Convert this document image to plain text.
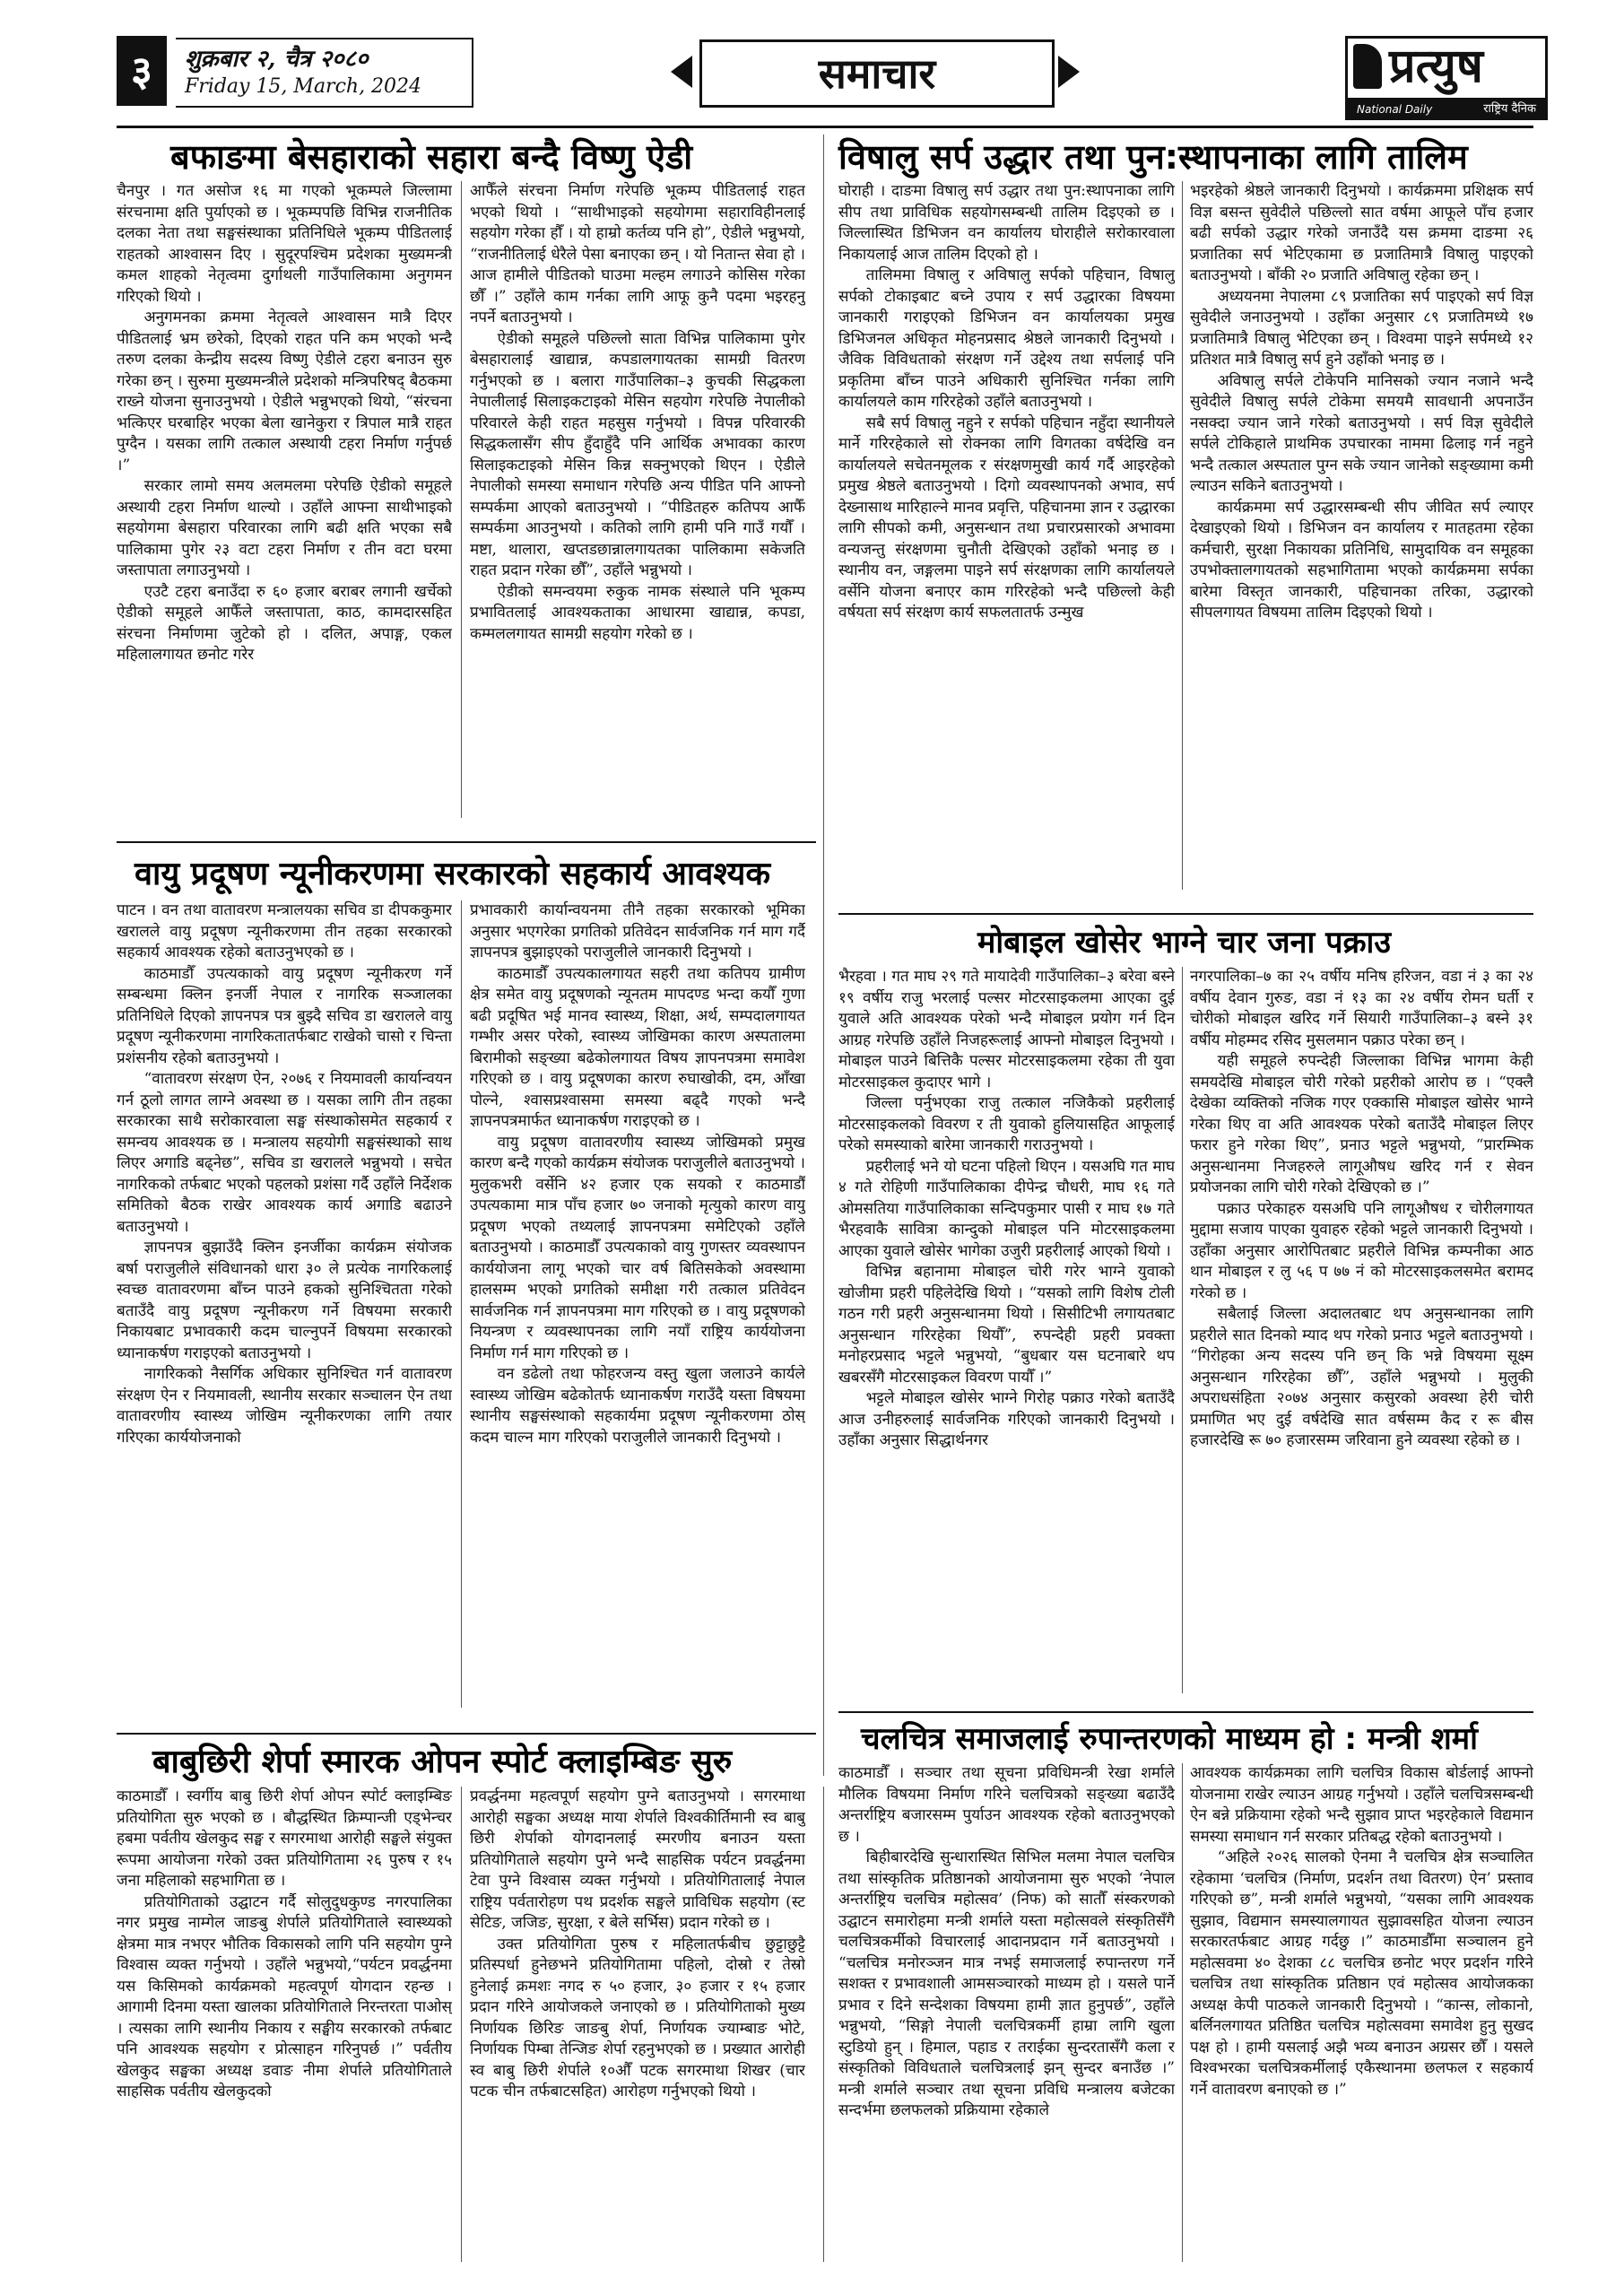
३	शुक्रबार २, चैत्र २०८०
Friday 15, March, 2024	समाचार	प्रत्युष
National Daily	राष्ट्रिय दैनिक
बफाङमा बेसहाराको सहारा बन्दै विष्णु ऐडी

चैनपुर । गत असोज १६ मा गएको भूकम्पले जिल्लामा संरचनामा क्षति पुर्याएको छ । भूकम्पपछि विभिन्न राजनीतिक दलका नेता तथा सङ्घसंस्थाका प्रतिनिधिले भूकम्प पीडितलाई राहतको आश्वासन दिए । सुदूरपश्चिम प्रदेशका मुख्यमन्त्री कमल शाहको नेतृत्वमा दुर्गाथली गाउँपालिकामा अनुगमन गरिएको थियो ।

अनुगमनका क्रममा नेतृत्वले आश्वासन मात्रै दिएर पीडितलाई भ्रम छरेको, दिएको राहत पनि कम भएको भन्दै तरुण दलका केन्द्रीय सदस्य विष्णु ऐडीले टहरा बनाउन सुरु गरेका छन् । सुरुमा मुख्यमन्त्रीले प्रदेशको मन्त्रिपरिषद् बैठकमा राख्ने योजना सुनाउनुभयो । ऐडीले भन्नुभएको थियो, “संरचना भत्किएर घरबाहिर भएका बेला खानेकुरा र त्रिपाल मात्रै राहत पुग्दैन । यसका लागि तत्काल अस्थायी टहरा निर्माण गर्नुपर्छ ।”

सरकार लामो समय अलमलमा परेपछि ऐडीको समूहले अस्थायी टहरा निर्माण थाल्यो । उहाँले आफ्ना साथीभाइको सहयोगमा बेसहारा परिवारका लागि बढी क्षति भएका सबै पालिकामा पुगेर २३ वटा टहरा निर्माण र तीन वटा घरमा जस्तापाता लगाउनुभयो ।

एउटै टहरा बनाउँदा रु ६० हजार बराबर लगानी खर्चेको ऐडीको समूहले आफैँले जस्तापाता, काठ, कामदारसहित संरचना निर्माणमा जुटेको हो । दलित, अपाङ्ग, एकल महिलालगायत छनोट गरेर

आफैँले संरचना निर्माण गरेपछि भूकम्प पीडितलाई राहत भएको थियो । “साथीभाइको सहयोगमा सहाराविहीनलाई सहयोग गरेका हौँ । यो हाम्रो कर्तव्य पनि हो”, ऐडीले भन्नुभयो, “राजनीतिलाई धेरैले पेसा बनाएका छन् । यो नितान्त सेवा हो । आज हामीले पीडितको घाउमा मल्हम लगाउने कोसिस गरेका छौँ ।” उहाँले काम गर्नका लागि आफू कुनै पदमा भइरहनु नपर्ने बताउनुभयो ।

ऐडीको समूहले पछिल्लो साता विभिन्न पालिकामा पुगेर बेसहारालाई खाद्यान्न, कपडालगायतका सामग्री वितरण गर्नुभएको छ । बलारा गाउँपालिका–३ कुचकी सिद्धकला नेपालीलाई सिलाइकटाइको मेसिन सहयोग गरेपछि नेपालीको परिवारले केही राहत महसुस गर्नुभयो । विपन्न परिवारकी सिद्धकलासँग सीप हुँदाहुँदै पनि आर्थिक अभावका कारण सिलाइकटाइको मेसिन किन्न सक्नुभएको थिएन । ऐडीले नेपालीको समस्या समाधान गरेपछि अन्य पीडित पनि आफ्नो सम्पर्कमा आएको बताउनुभयो । “पीडितहरु कतिपय आफैँ सम्पर्कमा आउनुभयो । कतिको लागि हामी पनि गाउँ गयौँ । मष्टा, थालारा, खप्तडछान्नालगायतका पालिकामा सकेजति राहत प्रदान गरेका छौँ”, उहाँले भन्नुभयो ।

ऐडीको समन्वयमा रुकुक नामक संस्थाले पनि भूकम्प प्रभावितलाई आवश्यकताका आधारमा खाद्यान्न, कपडा, कम्मललगायत सामग्री सहयोग गरेको छ ।

विषालु सर्प उद्धार तथा पुन:स्थापनाका लागि तालिम

घोराही । दाङमा विषालु सर्प उद्धार तथा पुन:स्थापनाका लागि सीप तथा प्राविधिक सहयोगसम्बन्धी तालिम दिइएको छ । जिल्लास्थित डिभिजन वन कार्यालय घोराहीले सरोकारवाला निकायलाई आज तालिम दिएको हो ।

तालिममा विषालु र अविषालु सर्पको पहिचान, विषालु सर्पको टोकाइबाट बच्ने उपाय र सर्प उद्धारका विषयमा जानकारी गराइएको डिभिजन वन कार्यालयका प्रमुख डिभिजनल अधिकृत मोहनप्रसाद श्रेष्ठले जानकारी दिनुभयो । जैविक विविधताको संरक्षण गर्ने उद्देश्य तथा सर्पलाई पनि प्रकृतिमा बाँच्न पाउने अधिकारी सुनिश्चित गर्नका लागि कार्यालयले काम गरिरहेको उहाँले बताउनुभयो ।

सबै सर्प विषालु नहुने र सर्पको पहिचान नहुँदा स्थानीयले मार्ने गरिरहेकाले सो रोक्नका लागि विगतका वर्षदेखि वन कार्यालयले सचेतनमूलक र संरक्षणमुखी कार्य गर्दै आइरहेको प्रमुख श्रेष्ठले बताउनुभयो । दिगो व्यवस्थापनको अभाव, सर्प देख्नासाथ मारिहाल्ने मानव प्रवृत्ति, पहिचानमा ज्ञान र उद्धारका लागि सीपको कमी, अनुसन्धान तथा प्रचारप्रसारको अभावमा वन्यजन्तु संरक्षणमा चुनौती देखिएको उहाँको भनाइ छ । स्थानीय वन, जङ्गलमा पाइने सर्प संरक्षणका लागि कार्यालयले वर्सेनि योजना बनाएर काम गरिरहेको भन्दै पछिल्लो केही वर्षयता सर्प संरक्षण कार्य सफलतातर्फ उन्मुख

भइरहेको श्रेष्ठले जानकारी दिनुभयो । कार्यक्रममा प्रशिक्षक सर्प विज्ञ बसन्त सुवेदीले पछिल्लो सात वर्षमा आफूले पाँच हजार बढी सर्पको उद्धार गरेको जनाउँदै यस क्रममा दाङमा २६ प्रजातिका सर्प भेटिएकामा छ प्रजातिमात्रै विषालु पाइएको बताउनुभयो । बाँकी २० प्रजाति अविषालु रहेका छन् ।

अध्ययनमा नेपालमा ८९ प्रजातिका सर्प पाइएको सर्प विज्ञ सुवेदीले जनाउनुभयो । उहाँका अनुसार ८९ प्रजातिमध्ये १७ प्रजातिमात्रै विषालु भेटिएका छन् । विश्वमा पाइने सर्पमध्ये १२ प्रतिशत मात्रै विषालु सर्प हुने उहाँको भनाइ छ ।

अविषालु सर्पले टोकेपनि मानिसको ज्यान नजाने भन्दै सुवेदीले विषालु सर्पले टोकेमा समयमै सावधानी अपनाउँन नसक्दा ज्यान जाने गरेको बताउनुभयो । सर्प विज्ञ सुवेदीले सर्पले टोकिहाले प्राथमिक उपचारका नाममा ढिलाइ गर्न नहुने भन्दै तत्काल अस्पताल पुग्न सके ज्यान जानेको सङ्ख्यामा कमी ल्याउन सकिने बताउनुभयो ।

कार्यक्रममा सर्प उद्धारसम्बन्धी सीप जीवित सर्प ल्याएर देखाइएको थियो । डिभिजन वन कार्यालय र मातहतमा रहेका कर्मचारी, सुरक्षा निकायका प्रतिनिधि, सामुदायिक वन समूहका उपभोक्तालगायतको सहभागितामा भएको कार्यक्रममा सर्पका बारेमा विस्तृत जानकारी, पहिचानका तरिका, उद्धारको सीपलगायत विषयमा तालिम दिइएको थियो ।

वायु प्रदूषण न्यूनीकरणमा सरकारको सहकार्य आवश्यक

पाटन । वन तथा वातावरण मन्त्रालयका सचिव डा दीपककुमार खरालले वायु प्रदूषण न्यूनीकरणमा तीन तहका सरकारको सहकार्य आवश्यक रहेको बताउनुभएको छ ।

काठमाडौँ उपत्यकाको वायु प्रदूषण न्यूनीकरण गर्ने सम्बन्धमा क्लिन इनर्जी नेपाल र नागरिक सञ्जालका प्रतिनिधिले दिएको ज्ञापनपत्र पत्र बुझ्दै सचिव डा खरालले वायु प्रदूषण न्यूनीकरणमा नागरिकतातर्फबाट राखेको चासो र चिन्ता प्रशंसनीय रहेको बताउनुभयो ।

“वातावरण संरक्षण ऐन, २०७६ र नियमावली कार्यान्वयन गर्न ठूलो लागत लाग्ने अवस्था छ । यसका लागि तीन तहका सरकारका साथै सरोकारवाला सङ्घ संस्थाकोसमेत सहकार्य र समन्वय आवश्यक छ । मन्त्रालय सहयोगी सङ्घसंस्थाको साथ लिएर अगाडि बढ्नेछ”, सचिव डा खरालले भन्नुभयो । सचेत नागरिकको तर्फबाट भएको पहलको प्रशंसा गर्दै उहाँले निर्देशक समितिको बैठक राखेर आवश्यक कार्य अगाडि बढाउने बताउनुभयो ।

ज्ञापनपत्र बुझाउँदै क्लिन इनर्जीका कार्यक्रम संयोजक बर्षा पराजुलीले संविधानको धारा ३० ले प्रत्येक नागरिकलाई स्वच्छ वातावरणमा बाँच्न पाउने हकको सुनिश्चितता गरेको बताउँदै वायु प्रदूषण न्यूनीकरण गर्ने विषयमा सरकारी निकायबाट प्रभावकारी कदम चाल्नुपर्ने विषयमा सरकारको ध्यानाकर्षण गराइएको बताउनुभयो ।

नागरिकको नैसर्गिक अधिकार सुनिश्चित गर्न वातावरण संरक्षण ऐन र नियमावली, स्थानीय सरकार सञ्चालन ऐन तथा वातावरणीय स्वास्थ्य जोखिम न्यूनीकरणका लागि तयार गरिएका कार्ययोजनाको

प्रभावकारी कार्यान्वयनमा तीनै तहका सरकारको भूमिका अनुसार भएगरेका प्रगतिको प्रतिवेदन सार्वजनिक गर्न माग गर्दै ज्ञापनपत्र बुझाइएको पराजुलीले जानकारी दिनुभयो ।

काठमाडौँ उपत्यकालगायत सहरी तथा कतिपय ग्रामीण क्षेत्र समेत वायु प्रदूषणको न्यूनतम मापदण्ड भन्दा कयौँ गुणा बढी प्रदूषित भई मानव स्वास्थ्य, शिक्षा, अर्थ, सम्पदालगायत गम्भीर असर परेको, स्वास्थ्य जोखिमका कारण अस्पतालमा बिरामीको सङ्ख्या बढेकोलगायत विषय ज्ञापनपत्रमा समावेश गरिएको छ । वायु प्रदूषणका कारण रुघाखोकी, दम, आँखा पोल्ने, श्वासप्रश्वासमा समस्या बढ्दै गएको भन्दै ज्ञापनपत्रमार्फत ध्यानाकर्षण गराइएको छ ।

वायु प्रदूषण वातावरणीय स्वास्थ्य जोखिमको प्रमुख कारण बन्दै गएको कार्यक्रम संयोजक पराजुलीले बताउनुभयो । मुलुकभरी वर्सेनि ४२ हजार एक सयको र काठमाडौँ उपत्यकामा मात्र पाँच हजार ७० जनाको मृत्युको कारण वायु प्रदूषण भएको तथ्यलाई ज्ञापनपत्रमा समेटिएको उहाँले बताउनुभयो । काठमाडौँ उपत्यकाको वायु गुणस्तर व्यवस्थापन कार्ययोजना लागू भएको चार वर्ष बितिसकेको अवस्थामा हालसम्म भएको प्रगतिको समीक्षा गरी तत्काल प्रतिवेदन सार्वजनिक गर्न ज्ञापनपत्रमा माग गरिएको छ । वायु प्रदूषणको नियन्त्रण र व्यवस्थापनका लागि नयाँ राष्ट्रिय कार्ययोजना निर्माण गर्न माग गरिएको छ ।

वन डढेलो तथा फोहरजन्य वस्तु खुला जलाउने कार्यले स्वास्थ्य जोखिम बढेकोतर्फ ध्यानाकर्षण गराउँदै यस्ता विषयमा स्थानीय सङ्घसंस्थाको सहकार्यमा प्रदूषण न्यूनीकरणमा ठोस् कदम चाल्न माग गरिएको पराजुलीले जानकारी दिनुभयो ।

मोबाइल खोसेर भाग्ने चार जना पक्राउ

भैरहवा । गत माघ २९ गते मायादेवी गाउँपालिका–३ बरेवा बस्ने १९ वर्षीय राजु भरलाई पल्सर मोटरसाइकलमा आएका दुई युवाले अति आवश्यक परेको भन्दै मोबाइल प्रयोग गर्न दिन आग्रह गरेपछि उहाँले निजहरूलाई आफ्नो मोबाइल दिनुभयो । मोबाइल पाउने बित्तिकै पल्सर मोटरसाइकलमा रहेका ती युवा मोटरसाइकल कुदाएर भागे ।

जिल्ला पर्नुभएका राजु तत्काल नजिकैको प्रहरीलाई मोटरसाइकलको विवरण र ती युवाको हुलियासहित आफूलाई परेको समस्याको बारेमा जानकारी गराउनुभयो ।

प्रहरीलाई भने यो घटना पहिलो थिएन । यसअघि गत माघ ४ गते रोहिणी गाउँपालिकाका दीपेन्द्र चौधरी, माघ १६ गते ओमसतिया गाउँपालिकाका सन्दिपकुमार पासी र माघ १७ गते भैरहवाकै सावित्रा कान्दुको मोबाइल पनि मोटरसाइकलमा आएका युवाले खोसेर भागेका उजुरी प्रहरीलाई आएको थियो ।

विभिन्न बहानामा मोबाइल चोरी गरेर भाग्ने युवाको खोजीमा प्रहरी पहिलेदेखि थियो । “यसको लागि विशेष टोली गठन गरी प्रहरी अनुसन्धानमा थियो । सिसीटिभी लगायतबाट अनुसन्धान गरिरहेका थियौँ”, रुपन्देही प्रहरी प्रवक्ता मनोहरप्रसाद भट्टले भन्नुभयो, “बुधबार यस घटनाबारे थप खबरसँगै मोटरसाइकल विवरण पायौँ ।”

भट्टले मोबाइल खोसेर भाग्ने गिरोह पक्राउ गरेको बताउँदै आज उनीहरुलाई सार्वजनिक गरिएको जानकारी दिनुभयो । उहाँका अनुसार सिद्धार्थनगर

नगरपालिका–७ का २५ वर्षीय मनिष हरिजन, वडा नं ३ का २४ वर्षीय देवान गुरुङ, वडा नं १३ का २४ वर्षीय रोमन घर्ती र चोरीको मोबाइल खरिद गर्ने सियारी गाउँपालिका–३ बस्ने ३१ वर्षीय मोहम्मद रसिद मुसलमान पक्राउ परेका छन् ।

यही समूहले रुपन्देही जिल्लाका विभिन्न भागमा केही समयदेखि मोबाइल चोरी गरेको प्रहरीको आरोप छ । “एक्लै देखेका व्यक्तिको नजिक गएर एक्कासि मोबाइल खोसेर भाग्ने गरेका थिए वा अति आवश्यक परेको बताउँदै मोबाइल लिएर फरार हुने गरेका थिए”, प्रनाउ भट्टले भन्नुभयो, “प्रारम्भिक अनुसन्धानमा निजहरुले लागूऔषध खरिद गर्न र सेवन प्रयोजनका लागि चोरी गरेको देखिएको छ ।”

पक्राउ परेकाहरु यसअघि पनि लागूऔषध र चोरीलगायत मुद्दामा सजाय पाएका युवाहरु रहेको भट्टले जानकारी दिनुभयो । उहाँका अनुसार आरोपितबाट प्रहरीले विभिन्न कम्पनीका आठ थान मोबाइल र लु ५६ प ७७ नं को मोटरसाइकलसमेत बरामद गरेको छ ।

सबैलाई जिल्ला अदालतबाट थप अनुसन्धानका लागि प्रहरीले सात दिनको म्याद थप गरेको प्रनाउ भट्टले बताउनुभयो । “गिरोहका अन्य सदस्य पनि छन् कि भन्ने विषयमा सूक्ष्म अनुसन्धान गरिरहेका छौँ”, उहाँले भन्नुभयो । मुलुकी अपराधसंहिता २०७४ अनुसार कसुरको अवस्था हेरी चोरी प्रमाणित भए दुई वर्षदेखि सात वर्षसम्म कैद र रू बीस हजारदेखि रू ७० हजारसम्म जरिवाना हुने व्यवस्था रहेको छ ।

बाबुछिरी शेर्पा स्मारक ओपन स्पोर्ट क्लाइम्बिङ सुरु

काठमाडौँ । स्वर्गीय बाबु छिरी शेर्पा ओपन स्पोर्ट क्लाइम्बिङ प्रतियोगिता सुरु भएको छ । बौद्धस्थित क्रिम्पान्जी एड्भेन्चर हबमा पर्वतीय खेलकुद सङ्घ र सगरमाथा आरोही सङ्घले संयुक्त रूपमा आयोजना गरेको उक्त प्रतियोगितामा २६ पुरुष र १५ जना महिलाको सहभागिता छ ।

प्रतियोगिताको उद्घाटन गर्दै सोलुदुधकुण्ड नगरपालिका नगर प्रमुख नाम्गेल जाङबु शेर्पाले प्रतियोगिताले स्वास्थ्यको क्षेत्रमा मात्र नभएर भौतिक विकासको लागि पनि सहयोग पुग्ने विश्वास व्यक्त गर्नुभयो । उहाँले भन्नुभयो,“पर्यटन प्रवर्द्धनमा यस किसिमको कार्यक्रमको महत्वपूर्ण योगदान रहन्छ । आगामी दिनमा यस्ता खालका प्रतियोगिताले निरन्तरता पाओस् । त्यसका लागि स्थानीय निकाय र सङ्घीय सरकारको तर्फबाट पनि आवश्यक सहयोग र प्रोत्साहन गरिनुपर्छ ।” पर्वतीय खेलकुद सङ्घका अध्यक्ष डवाङ नीमा शेर्पाले प्रतियोगिताले साहसिक पर्वतीय खेलकुदको

प्रवर्द्धनमा महत्वपूर्ण सहयोग पुग्ने बताउनुभयो । सगरमाथा आरोही सङ्घका अध्यक्ष माया शेर्पाले विश्वकीर्तिमानी स्व बाबु छिरी शेर्पाको योगदानलाई स्मरणीय बनाउन यस्ता प्रतियोगिताले सहयोग पुग्ने भन्दै साहसिक पर्यटन प्रवर्द्धनमा टेवा पुग्ने विश्वास व्यक्त गर्नुभयो । प्रतियोगितालाई नेपाल राष्ट्रिय पर्वतारोहण पथ प्रदर्शक सङ्घले प्राविधिक सहयोग (स्ट सेटिङ, जजिङ, सुरक्षा, र बेले सर्भिस) प्रदान गरेको छ ।

उक्त प्रतियोगिता पुरुष र महिलातर्फबीच छुट्टाछुट्टै प्रतिस्पर्धा हुनेछभने प्रतियोगितामा पहिलो, दोस्रो र तेस्रो हुनेलाई क्रमशः नगद रु ५० हजार, ३० हजार र १५ हजार प्रदान गरिने आयोजकले जनाएको छ । प्रतियोगिताको मुख्य निर्णायक छिरिङ जाङबु शेर्पा, निर्णायक ज्याम्बाङ भोटे, निर्णायक पिम्बा तेन्जिङ शेर्पा रहनुभएको छ । प्रख्यात आरोही स्व बाबु छिरी शेर्पाले १०औँ पटक सगरमाथा शिखर (चार पटक चीन तर्फबाटसहित) आरोहण गर्नुभएको थियो ।

चलचित्र समाजलाई रुपान्तरणको माध्यम हो : मन्त्री शर्मा

काठमाडौँ । सञ्चार तथा सूचना प्रविधिमन्त्री रेखा शर्माले मौलिक विषयमा निर्माण गरिने चलचित्रको सङ्ख्या बढाउँदै अन्तर्राष्ट्रिय बजारसम्म पुर्याउन आवश्यक रहेको बताउनुभएको छ ।

बिहीबारदेखि सुन्धारास्थित सिभिल मलमा नेपाल चलचित्र तथा सांस्कृतिक प्रतिष्ठानको आयोजनामा सुरु भएको ‘नेपाल अन्तर्राष्ट्रिय चलचित्र महोत्सव’ (निफ) को सातौँ संस्करणको उद्घाटन समारोहमा मन्त्री शर्माले यस्ता महोत्सवले संस्कृतिसँगै चलचित्रकर्मीको विचारलाई आदानप्रदान गर्ने बताउनुभयो । “चलचित्र मनोरञ्जन मात्र नभई समाजलाई रुपान्तरण गर्ने सशक्त र प्रभावशाली आमसञ्चारको माध्यम हो । यसले पार्ने प्रभाव र दिने सन्देशका विषयमा हामी ज्ञात हुनुपर्छ”, उहाँले भन्नुभयो, “सिङ्गो नेपाली चलचित्रकर्मी हाम्रा लागि खुला स्टुडियो हुन् । हिमाल, पहाड र तराईका सुन्दरतासँगै कला र संस्कृतिको विविधताले चलचित्रलाई झन् सुन्दर बनाउँछ ।” मन्त्री शर्माले सञ्चार तथा सूचना प्रविधि मन्त्रालय बजेटका सन्दर्भमा छलफलको प्रक्रियामा रहेकाले

आवश्यक कार्यक्रमका लागि चलचित्र विकास बोर्डलाई आफ्नो योजनामा राखेर ल्याउन आग्रह गर्नुभयो । उहाँले चलचित्रसम्बन्धी ऐन बन्ने प्रक्रियामा रहेको भन्दै सुझाव प्राप्त भइरहेकाले विद्यमान समस्या समाधान गर्न सरकार प्रतिबद्ध रहेको बताउनुभयो ।

“अहिले २०२६ सालको ऐनमा नै चलचित्र क्षेत्र सञ्चालित रहेकामा ‘चलचित्र (निर्माण, प्रदर्शन तथा वितरण) ऐन’ प्रस्ताव गरिएको छ”, मन्त्री शर्माले भन्नुभयो, “यसका लागि आवश्यक सुझाव, विद्यमान समस्यालगायत सुझावसहित योजना ल्याउन सरकारतर्फबाट आग्रह गर्दछु ।” काठमाडौँमा सञ्चालन हुने महोत्सवमा ४० देशका ८८ चलचित्र छनोट भएर प्रदर्शन गरिने चलचित्र तथा सांस्कृतिक प्रतिष्ठान एवं महोत्सव आयोजकका अध्यक्ष केपी पाठकले जानकारी दिनुभयो । “कान्स, लोकानो, बर्लिनलगायत प्रतिष्ठित चलचित्र महोत्सवमा समावेश हुनु सुखद पक्ष हो । हामी यसलाई अझै भव्य बनाउन अग्रसर छौँ । यसले विश्वभरका चलचित्रकर्मीलाई एकैस्थानमा छलफल र सहकार्य गर्ने वातावरण बनाएको छ ।”
